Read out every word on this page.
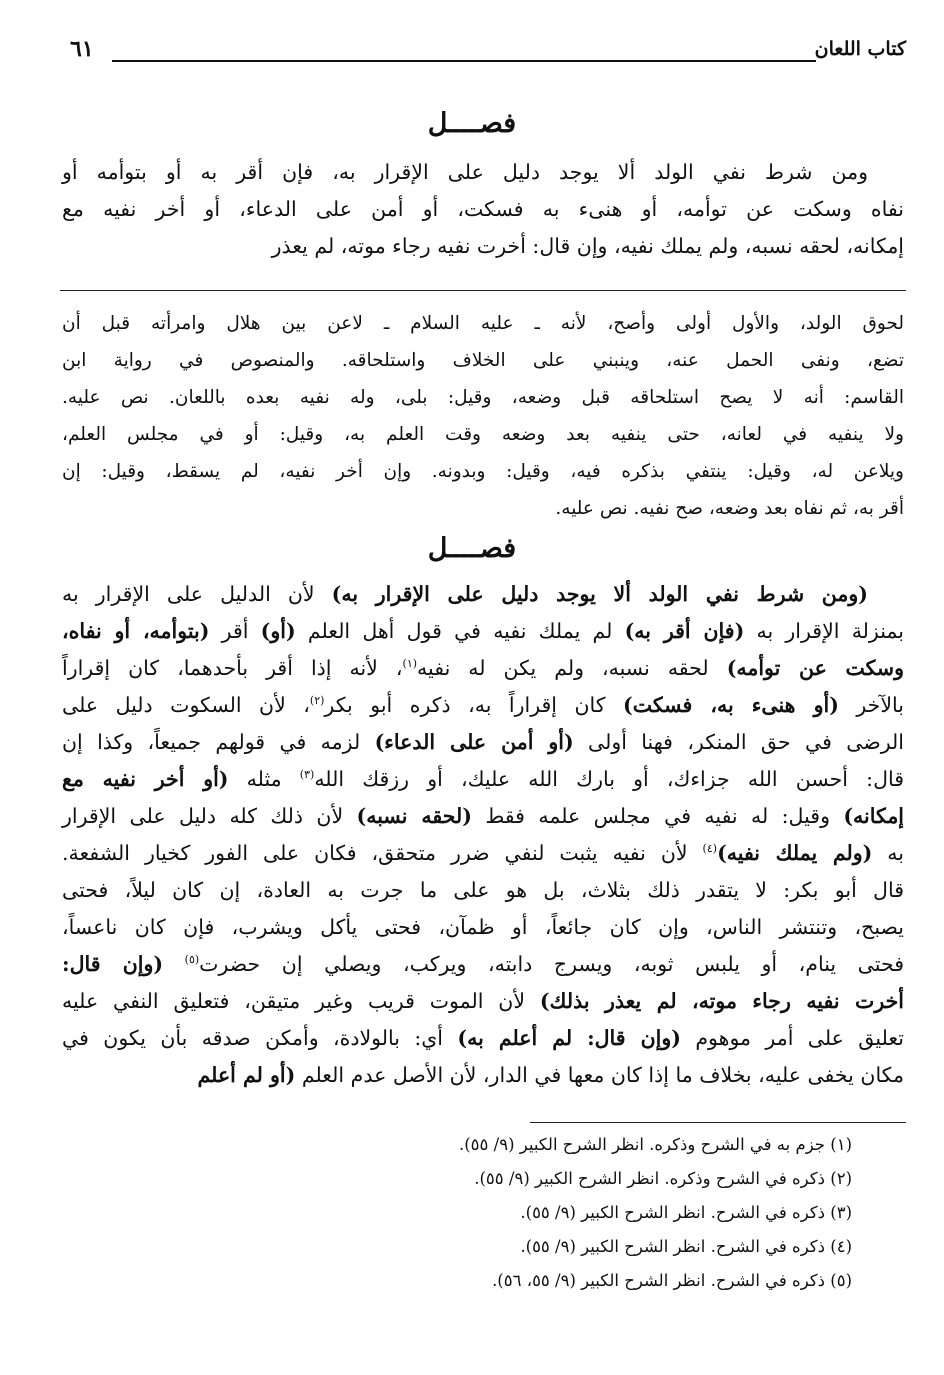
كتاب اللعان
٦١
فصــــل
ومن شرط نفي الولد ألا يوجد دليل على الإقرار به، فإن أقر به أو بتوأمه أو
نفاه وسكت عن توأمه، أو هنىء به فسكت، أو أمن على الدعاء، أو أخر نفيه مع
إمكانه، لحقه نسبه، ولم يملك نفيه، وإن قال: أخرت نفيه رجاء موته، لم يعذر
لحوق الولد، والأول أولى وأصح، لأنه ـ عليه السلام ـ لاعن بين هلال وامرأته قبل أن
تضع، ونفى الحمل عنه، وينبني على الخلاف واستلحاقه. والمنصوص في رواية ابن
القاسم: أنه لا يصح استلحاقه قبل وضعه، وقيل: بلى، وله نفيه بعده باللعان. نص عليه.
ولا ينفيه في لعانه، حتى ينفيه بعد وضعه وقت العلم به، وقيل: أو في مجلس العلم،
ويلاعن له، وقيل: ينتفي بذكره فيه، وقيل: وبدونه. وإن أخر نفيه، لم يسقط، وقيل: إن
أقر به، ثم نفاه بعد وضعه، صح نفيه. نص عليه.
فصــــل
(ومن شرط نفي الولد ألا يوجد دليل على الإقرار به) لأن الدليل على الإقرار به
بمنزلة الإقرار به (فإن أقر به) لم يملك نفيه في قول أهل العلم (أو) أقر (بتوأمه، أو نفاه،
وسكت عن توأمه) لحقه نسبه، ولم يكن له نفيه$^{(١)}$، لأنه إذا أقر بأحدهما، كان إقراراً
بالآخر (أو هنىء به، فسكت) كان إقراراً به، ذكره أبو بكر$^{(٢)}$، لأن السكوت دليل على
الرضى في حق المنكر، فهنا أولى (أو أمن على الدعاء) لزمه في قولهم جميعاً، وكذا إن
قال: أحسن الله جزاءك، أو بارك الله عليك، أو رزقك الله$^{(٣)}$ مثله (أو أخر نفيه مع
إمكانه) وقيل: له نفيه في مجلس علمه فقط (لحقه نسبه) لأن ذلك كله دليل على الإقرار
به (ولم يملك نفيه)$^{(٤)}$ لأن نفيه يثبت لنفي ضرر متحقق، فكان على الفور كخيار الشفعة.
قال أبو بكر: لا يتقدر ذلك بثلاث، بل هو على ما جرت به العادة، إن كان ليلاً، فحتى
يصبح، وتنتشر الناس، وإن كان جائعاً، أو ظمآن، فحتى يأكل ويشرب، فإن كان ناعساً،
فحتى ينام، أو يلبس ثوبه، ويسرج دابته، ويركب، ويصلي إن حضرت$^{(٥)}$ (وإن قال:
أخرت نفيه رجاء موته، لم يعذر بذلك) لأن الموت قريب وغير متيقن، فتعليق النفي عليه
تعليق على أمر موهوم (وإن قال: لم أعلم به) أي: بالولادة، وأمكن صدقه بأن يكون في
مكان يخفى عليه، بخلاف ما إذا كان معها في الدار، لأن الأصل عدم العلم (أو لم أعلم
(١) جزم به في الشرح وذكره. انظر الشرح الكبير (٩/ ٥٥).
(٢) ذكره في الشرح وذكره. انظر الشرح الكبير (٩/ ٥٥).
(٣) ذكره في الشرح. انظر الشرح الكبير (٩/ ٥٥).
(٤) ذكره في الشرح. انظر الشرح الكبير (٩/ ٥٥).
(٥) ذكره في الشرح. انظر الشرح الكبير (٩/ ٥٥، ٥٦).
